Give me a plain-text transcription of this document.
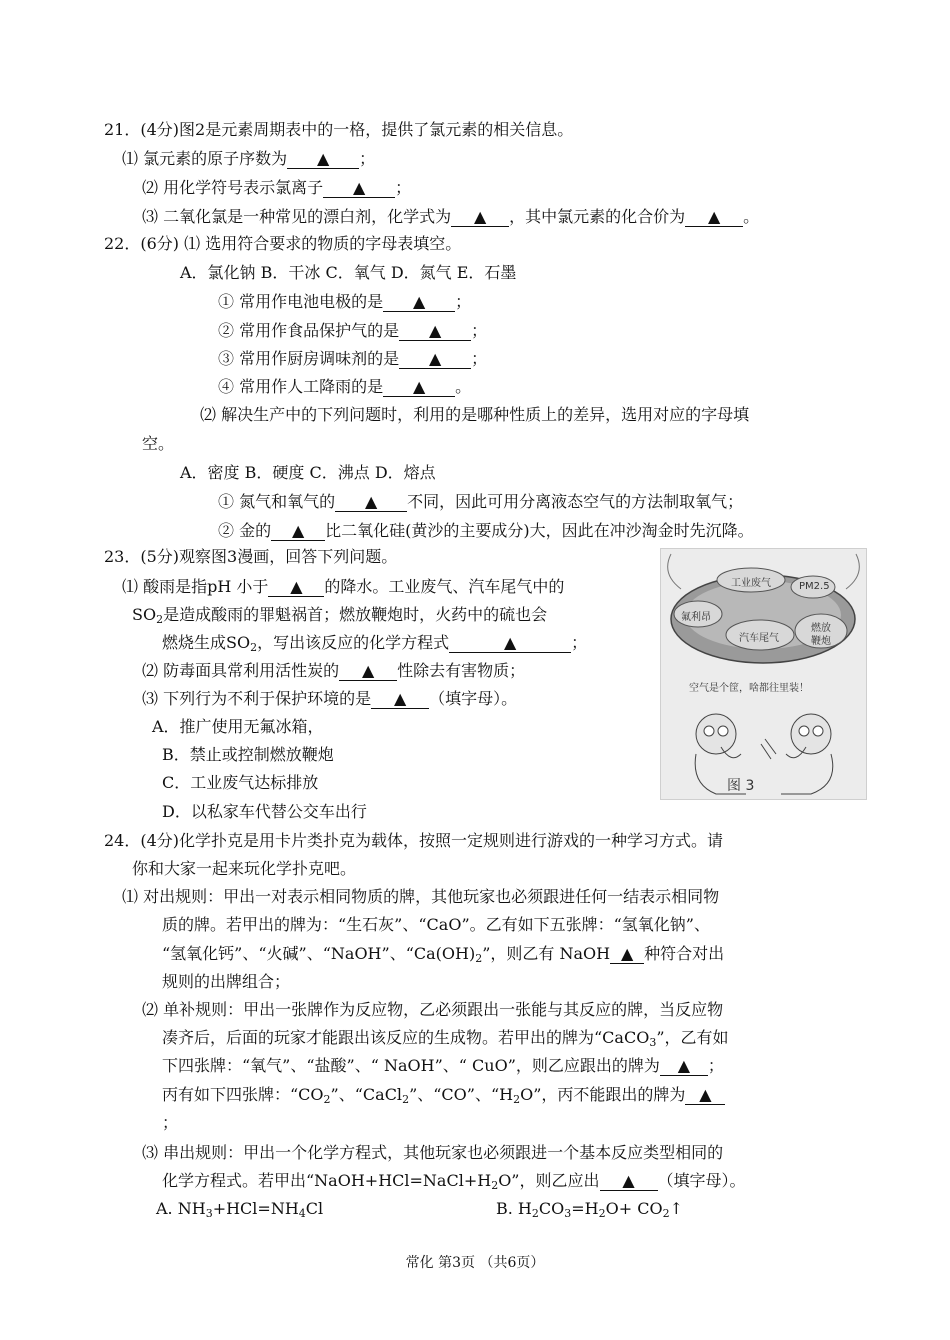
21．(4分)图2是元素周期表中的一格，提供了氯元素的相关信息。
⑴ 氯元素的原子序数为 ▲ ；
⑵ 用化学符号表示氯离子 ▲ ；
⑶ 二氧化氯是一种常见的漂白剂，化学式为 ▲ ，其中氯元素的化合价为 ▲ 。
22．(6分) ⑴ 选用符合要求的物质的字母表填空。
A．氯化钠 B．干冰 C．氧气 D．氮气 E．石墨
① 常用作电池电极的是 ▲ ；
② 常用作食品保护气的是 ▲ ；
③ 常用作厨房调味剂的是 ▲ ；
④ 常用作人工降雨的是 ▲ 。
⑵ 解决生产中的下列问题时，利用的是哪种性质上的差异，选用对应的字母填
空。
A．密度 B．硬度 C．沸点 D．熔点
① 氮气和氧气的 ▲ 不同，因此可用分离液态空气的方法制取氧气；
② 金的 ▲ 比二氧化硅(黄沙的主要成分)大，因此在冲沙淘金时先沉降。
23．(5分)观察图3漫画，回答下列问题。
⑴ 酸雨是指pH 小于 ▲ 的降水。工业废气、汽车尾气中的
$SO_2$是造成酸雨的罪魁祸首；燃放鞭炮时，火药中的硫也会
燃烧生成$SO_2$，写出该反应的化学方程式	▲	；
⑵ 防毒面具常利用活性炭的 ▲ 性除去有害物质；
⑶ 下列行为不利于保护环境的是 ▲ （填字母）。
A．推广使用无氟冰箱，
B．禁止或控制燃放鞭炮
C．工业废气达标排放
D．以私家车代替公交车出行
工业废气	PM2.5
氟利昂
汽车尾气
燃放
鞭炮
空气是个筐，啥都往里装！
图 3
24．(4分)化学扑克是用卡片类扑克为载体，按照一定规则进行游戏的一种学习方式。请
你和大家一起来玩化学扑克吧。
⑴ 对出规则：甲出一对表示相同物质的牌，其他玩家也必须跟进任何一结表示相同物
质的牌。若甲出的牌为：“生石灰”、“CaO”。乙有如下五张牌：“氢氧化钠”、
“氢氧化钙”、“火碱”、“NaOH”、“$Ca(OH)_2$”，则乙有 NaOH ▲ 种符合对出
规则的出牌组合；
⑵ 单补规则：甲出一张牌作为反应物，乙必须跟出一张能与其反应的牌，当反应物
凑齐后，后面的玩家才能跟出该反应的生成物。若甲出的牌为“CaCO$_3$”，乙有如
下四张牌：“氧气”、“盐酸”、“ NaOH”、“ CuO”，则乙应跟出的牌为 ▲ ；
丙有如下四张牌：“$CO_2$”、“CaCl$_2$”、“CO”、“$H_2O$”，丙不能跟出的牌为 ▲
；
⑶ 串出规则：甲出一个化学方程式，其他玩家也必须跟进一个基本反应类型相同的
化学方程式。若甲出“$NaOH+HCl=NaCl+H_2O$”，则乙应出 ▲ （填字母）。
A. $NH_3+HCl=NH_4Cl$	B. $H_2CO_3=H_2O+$ $CO_2↑$
常化 第3页 （共6页）
